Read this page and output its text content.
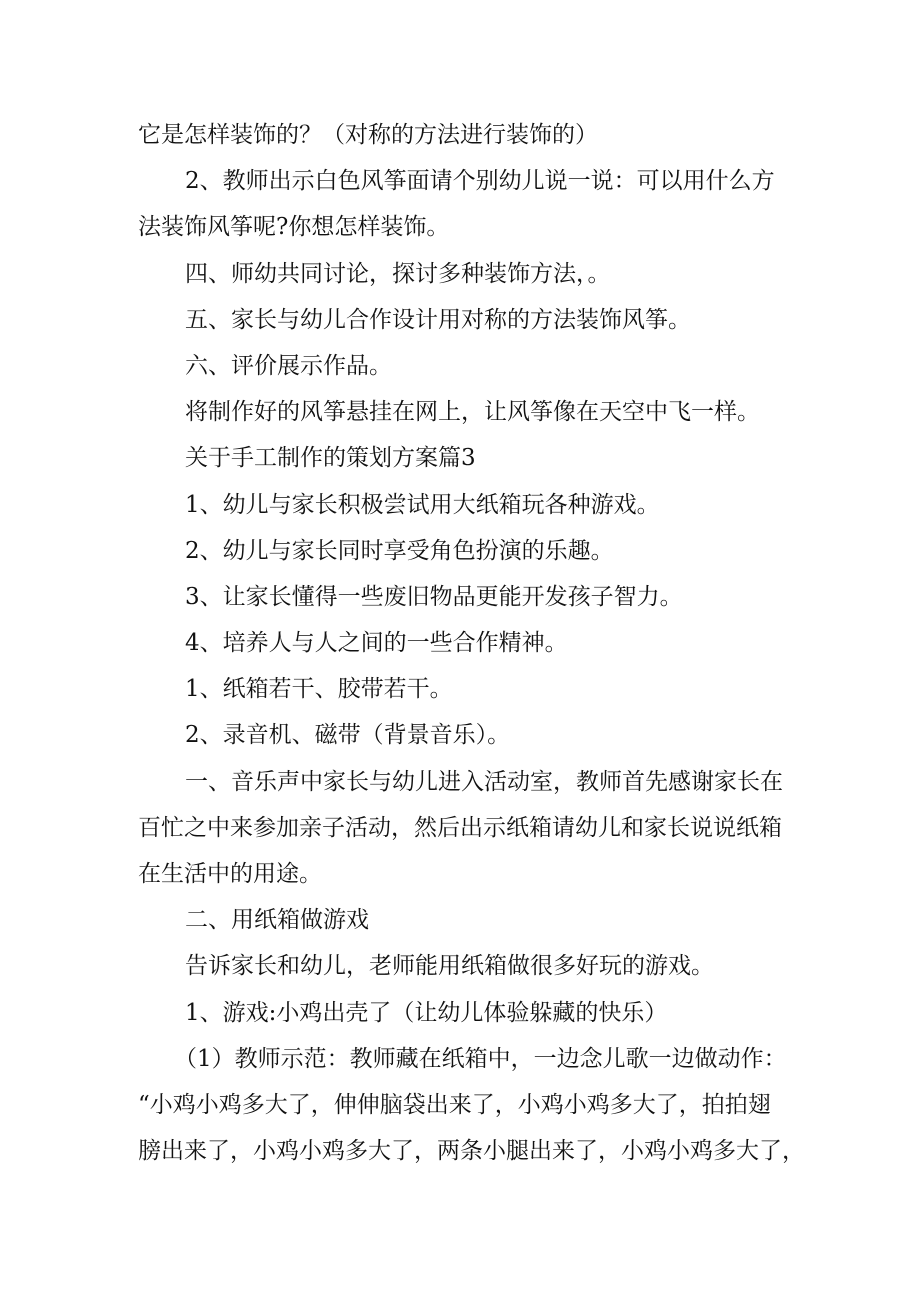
它是怎样装饰的？（对称的方法进行装饰的）
2、教师出示白色风筝面请个别幼儿说一说：可以用什么方
法装饰风筝呢?你想怎样装饰。
四、师幼共同讨论，探讨多种装饰方法，。
五、家长与幼儿合作设计用对称的方法装饰风筝。
六、评价展示作品。
将制作好的风筝悬挂在网上，让风筝像在天空中飞一样。
关于手工制作的策划方案篇3
1、幼儿与家长积极尝试用大纸箱玩各种游戏。
2、幼儿与家长同时享受角色扮演的乐趣。
3、让家长懂得一些废旧物品更能开发孩子智力。
4、培养人与人之间的一些合作精神。
1、纸箱若干、胶带若干。
2、录音机、磁带（背景音乐）。
一、音乐声中家长与幼儿进入活动室，教师首先感谢家长在
百忙之中来参加亲子活动，然后出示纸箱请幼儿和家长说说纸箱
在生活中的用途。
二、用纸箱做游戏
告诉家长和幼儿，老师能用纸箱做很多好玩的游戏。
1、游戏:小鸡出壳了（让幼儿体验躲藏的快乐）
（1）教师示范：教师藏在纸箱中，一边念儿歌一边做动作：
“小鸡小鸡多大了，伸伸脑袋出来了，小鸡小鸡多大了，拍拍翅
膀出来了，小鸡小鸡多大了，两条小腿出来了，小鸡小鸡多大了，
